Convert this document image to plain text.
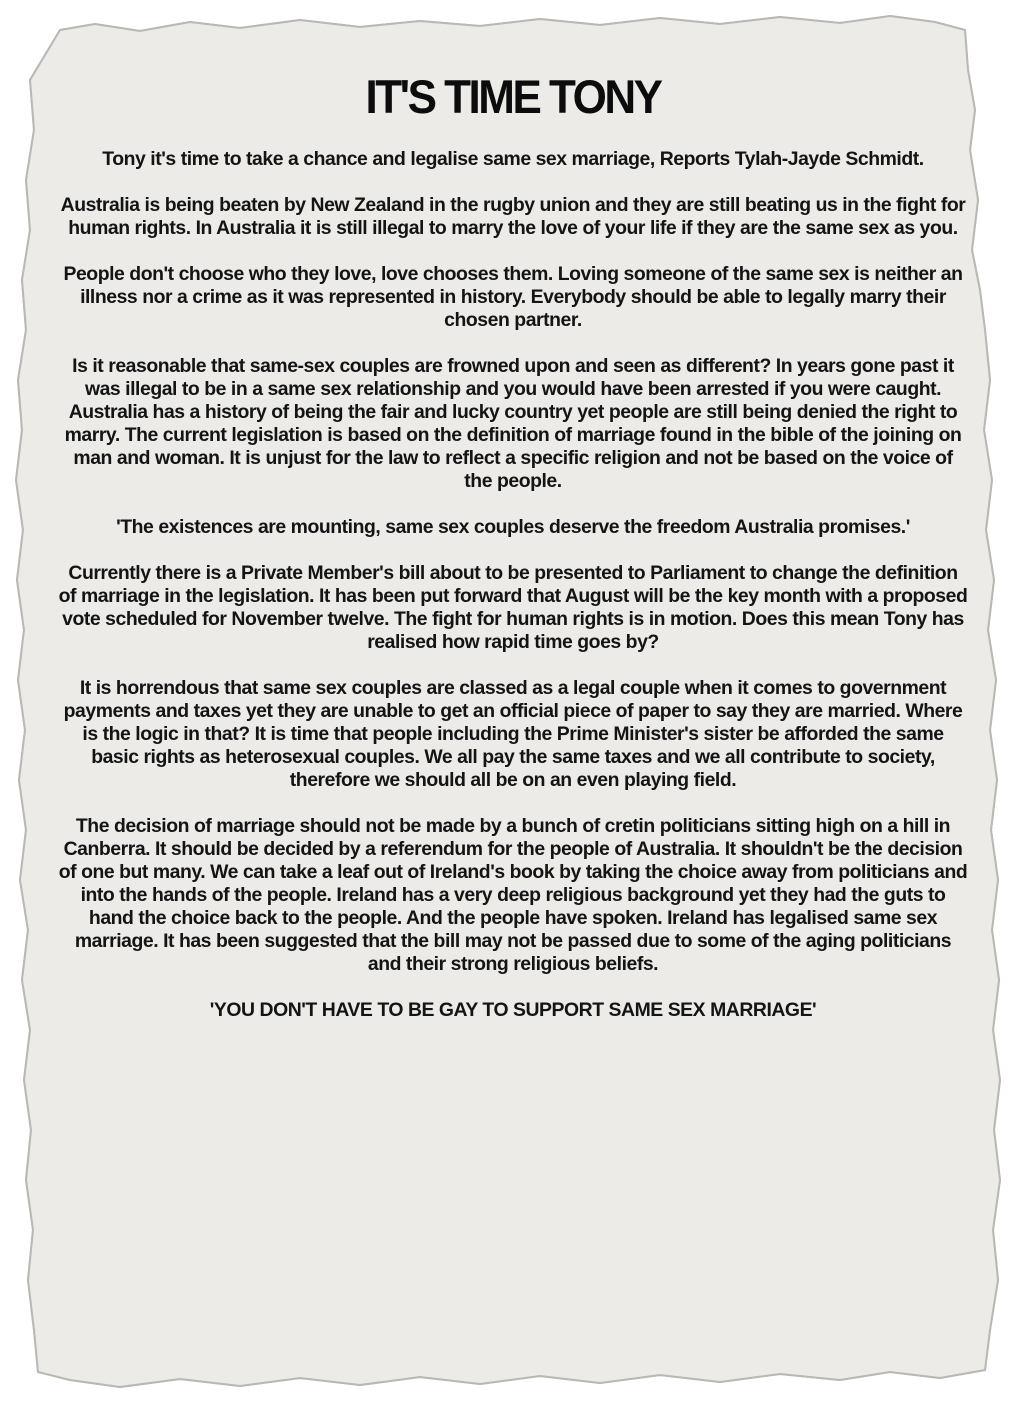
IT'S TIME TONY

Tony it's time to take a chance and legalise same sex marriage, Reports Tylah-Jayde Schmidt.

Australia is being beaten by New Zealand in the rugby union and they are still beating us in the fight for human rights. In Australia it is still illegal to marry the love of your life if they are the same sex as you.

People don't choose who they love, love chooses them. Loving someone of the same sex is neither an illness nor a crime as it was represented in history. Everybody should be able to legally marry their chosen partner.

Is it reasonable that same-sex couples are frowned upon and seen as different? In years gone past it was illegal to be in a same sex relationship and you would have been arrested if you were caught. Australia has a history of being the fair and lucky country yet people are still being denied the right to marry. The current legislation is based on the definition of marriage found in the bible of the joining on man and woman. It is unjust for the law to reflect a specific religion and not be based on the voice of the people.

'The existences are mounting, same sex couples deserve the freedom Australia promises.'

Currently there is a Private Member's bill about to be presented to Parliament to change the definition of marriage in the legislation. It has been put forward that August will be the key month with a proposed vote scheduled for November twelve. The fight for human rights is in motion. Does this mean Tony has realised how rapid time goes by?

It is horrendous that same sex couples are classed as a legal couple when it comes to government payments and taxes yet they are unable to get an official piece of paper to say they are married. Where is the logic in that? It is time that people including the Prime Minister's sister be afforded the same basic rights as heterosexual couples. We all pay the same taxes and we all contribute to society, therefore we should all be on an even playing field.

The decision of marriage should not be made by a bunch of cretin politicians sitting high on a hill in Canberra. It should be decided by a referendum for the people of Australia. It shouldn't be the decision of one but many. We can take a leaf out of Ireland's book by taking the choice away from politicians and into the hands of the people. Ireland has a very deep religious background yet they had the guts to hand the choice back to the people. And the people have spoken. Ireland has legalised same sex marriage. It has been suggested that the bill may not be passed due to some of the aging politicians and their strong religious beliefs.

'YOU DON'T HAVE TO BE GAY TO SUPPORT SAME SEX MARRIAGE'
